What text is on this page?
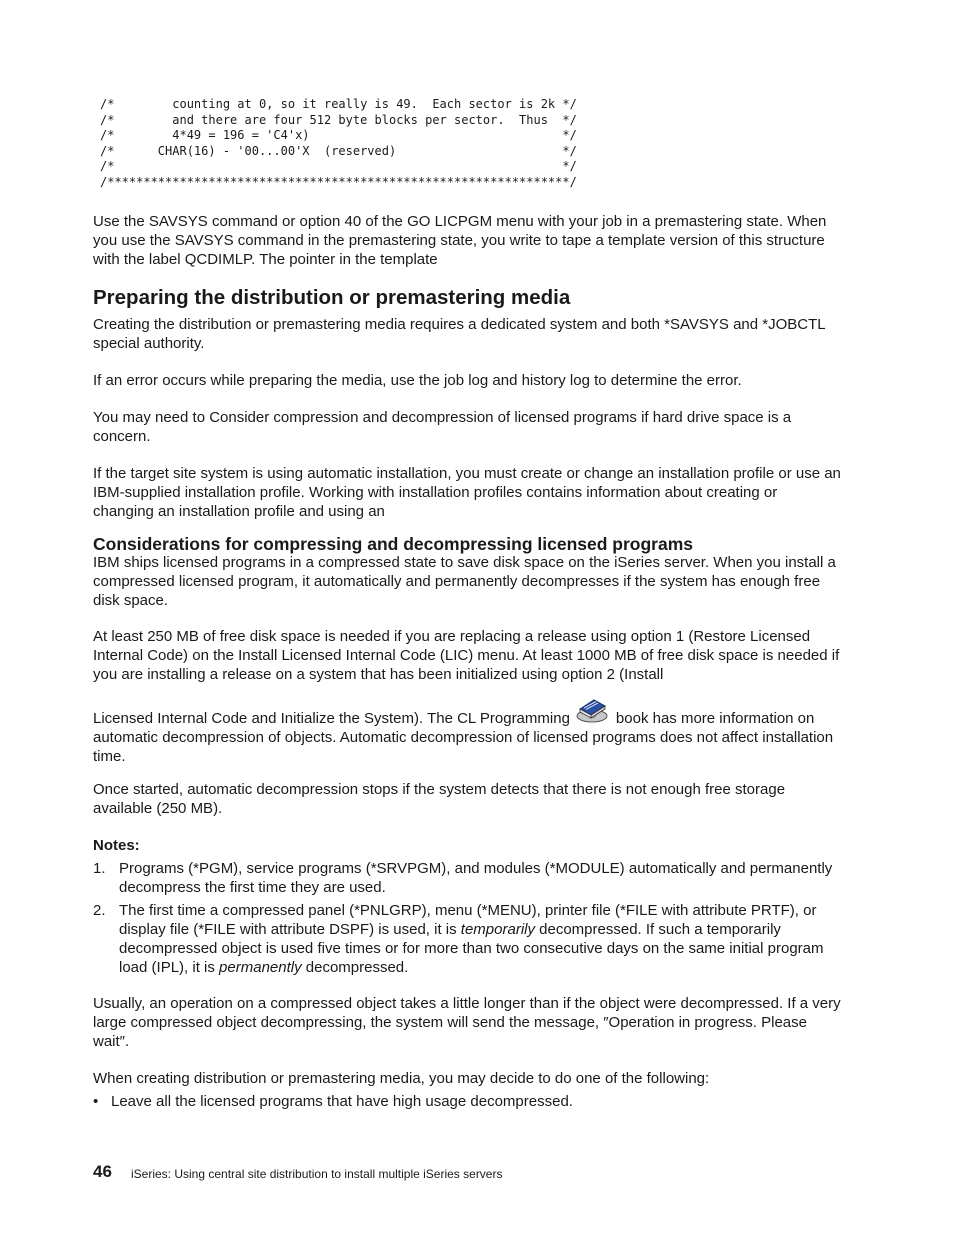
/*        counting at 0, so it really is 49.  Each sector is 2k */
/*        and there are four 512 byte blocks per sector.  Thus  */
/*        4*49 = 196 = 'C4'x)                                   */
/*      CHAR(16) - '00...00'X  (reserved)                       */
/*                                                              */
/****************************************************************/

Use the SAVSYS command or option 40 of the GO LICPGM menu with your job in a premastering state. When you use the SAVSYS command in the premastering state, you write to tape a template version of this structure with the label QCDIMLP. The pointer in the template

Preparing the distribution or premastering media

Creating the distribution or premastering media requires a dedicated system and both *SAVSYS and *JOBCTL special authority.

If an error occurs while preparing the media, use the job log and history log to determine the error.

You may need to Consider compression and decompression of licensed programs if hard drive space is a concern.

If the target site system is using automatic installation, you must create or change an installation profile or use an IBM-supplied installation profile. Working with installation profiles contains information about creating or changing an installation profile and using an

Considerations for compressing and decompressing licensed programs

IBM ships licensed programs in a compressed state to save disk space on the iSeries server. When you install a compressed licensed program, it automatically and permanently decompresses if the system has enough free disk space.

At least 250 MB of free disk space is needed if you are replacing a release using option 1 (Restore Licensed Internal Code) on the Install Licensed Internal Code (LIC) menu. At least 1000 MB of free disk space is needed if you are installing a release on a system that has been initialized using option 2 (Install

Licensed Internal Code and Initialize the System). The CL Programming	book has more information on automatic decompression of objects. Automatic decompression of licensed programs does not affect installation time.

Once started, automatic decompression stops if the system detects that there is not enough free storage available (250 MB).

Notes:

1. Programs (*PGM), service programs (*SRVPGM), and modules (*MODULE) automatically and permanently decompress the first time they are used.
2. The first time a compressed panel (*PNLGRP), menu (*MENU), printer file (*FILE with attribute PRTF), or display file (*FILE with attribute DSPF) is used, it is temporarily decompressed. If such a temporarily decompressed object is used five times or for more than two consecutive days on the same initial program load (IPL), it is permanently decompressed.

Usually, an operation on a compressed object takes a little longer than if the object were decompressed. If a very large compressed object decompressing, the system will send the message, ″Operation in progress. Please wait″.

When creating distribution or premastering media, you may decide to do one of the following:

• Leave all the licensed programs that have high usage decompressed.
46 iSeries: Using central site distribution to install multiple iSeries servers
